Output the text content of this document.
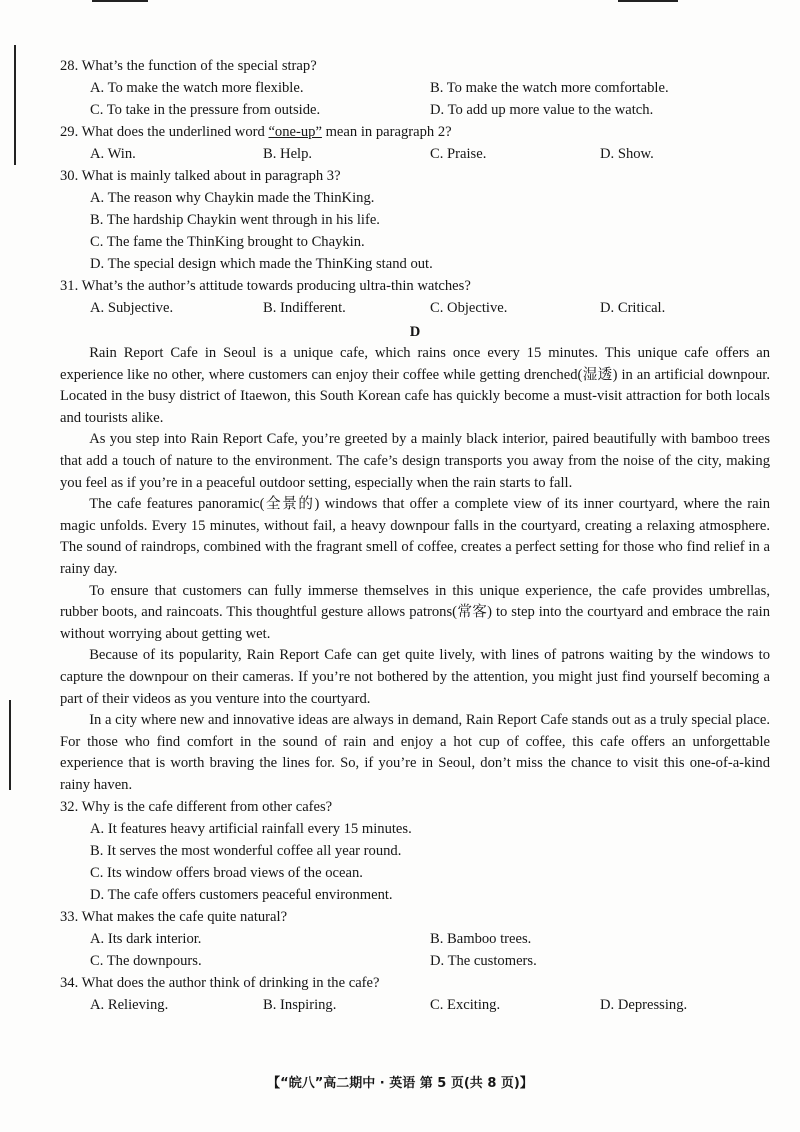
28. What’s the function of the special strap?

A. To make the watch more flexible.	B. To make the watch more comfortable.
C. To take in the pressure from outside.	D. To add up more value to the watch.

29. What does the underlined word “one-up” mean in paragraph 2?

A. Win.	B. Help.	C. Praise.	D. Show.

30. What is mainly talked about in paragraph 3?

A. The reason why Chaykin made the ThinKing.
B. The hardship Chaykin went through in his life.
C. The fame the ThinKing brought to Chaykin.
D. The special design which made the ThinKing stand out.

31. What’s the author’s attitude towards producing ultra-thin watches?

A. Subjective.	B. Indifferent.	C. Objective.	D. Critical.
D

Rain Report Cafe in Seoul is a unique cafe, which rains once every 15 minutes. This unique cafe offers an experience like no other, where customers can enjoy their coffee while getting drenched(湿透) in an artificial downpour. Located in the busy district of Itaewon, this South Korean cafe has quickly become a must-visit attraction for both locals and tourists alike.

As you step into Rain Report Cafe, you’re greeted by a mainly black interior, paired beautifully with bamboo trees that add a touch of nature to the environment. The cafe’s design transports you away from the noise of the city, making you feel as if you’re in a peaceful outdoor setting, especially when the rain starts to fall.

The cafe features panoramic(全景的) windows that offer a complete view of its inner courtyard, where the rain magic unfolds. Every 15 minutes, without fail, a heavy downpour falls in the courtyard, creating a relaxing atmosphere. The sound of raindrops, combined with the fragrant smell of coffee, creates a perfect setting for those who find relief in a rainy day.

To ensure that customers can fully immerse themselves in this unique experience, the cafe provides umbrellas, rubber boots, and raincoats. This thoughtful gesture allows patrons(常客) to step into the courtyard and embrace the rain without worrying about getting wet.

Because of its popularity, Rain Report Cafe can get quite lively, with lines of patrons waiting by the windows to capture the downpour on their cameras. If you’re not bothered by the attention, you might just find yourself becoming a part of their videos as you venture into the courtyard.

In a city where new and innovative ideas are always in demand, Rain Report Cafe stands out as a truly special place. For those who find comfort in the sound of rain and enjoy a hot cup of coffee, this cafe offers an unforgettable experience that is worth braving the lines for. So, if you’re in Seoul, don’t miss the chance to visit this one-of-a-kind rainy haven.

32. Why is the cafe different from other cafes?

A. It features heavy artificial rainfall every 15 minutes.
B. It serves the most wonderful coffee all year round.
C. Its window offers broad views of the ocean.
D. The cafe offers customers peaceful environment.

33. What makes the cafe quite natural?

A. Its dark interior.	B. Bamboo trees.
C. The downpours.	D. The customers.

34. What does the author think of drinking in the cafe?

A. Relieving.	B. Inspiring.	C. Exciting.	D. Depressing.
【“皖八”高二期中 · 英语 第 5 页(共 8 页)】
